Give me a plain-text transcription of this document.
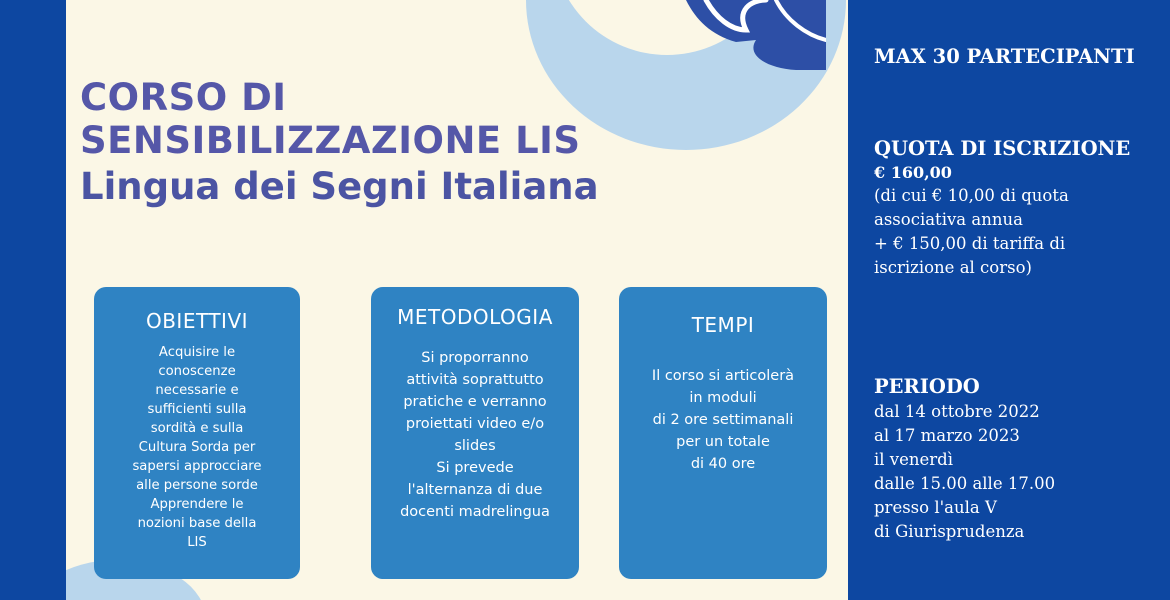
CORSO DI
SENSIBILIZZAZIONE LIS
Lingua dei Segni Italiana
OBIETTIVI
Acquisire le
conoscenze
necessarie e
sufficienti sulla
sordità e sulla
Cultura Sorda per
sapersi approcciare
alle persone sorde
Apprendere le
nozioni base della
LIS
METODOLOGIA
Si proporranno
attività soprattutto
pratiche e verranno
proiettati video e/o
slides
Si prevede
l'alternanza di due
docenti madrelingua
TEMPI
Il corso si articolerà
in moduli
di 2 ore settimanali
per un totale
di 40 ore
MAX 30 PARTECIPANTI
QUOTA DI ISCRIZIONE
€ 160,00
(di cui € 10,00 di quota
associativa annua
+ € 150,00 di tariffa di
iscrizione al corso)
PERIODO
dal 14 ottobre 2022
al 17 marzo 2023
il venerdì
dalle 15.00 alle 17.00
presso l'aula V
di Giurisprudenza
